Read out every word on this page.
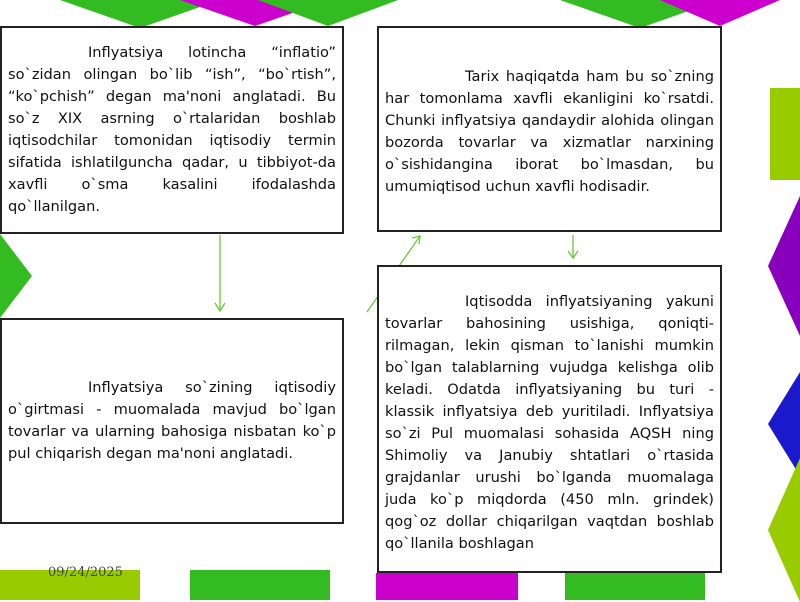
Inflyatsiya lotincha “inflatio” so`zidan olingan bo`lib “ish”, “bo`rtish”, “ko`pchish” degan ma'noni anglatadi. Bu so`z XIX asrning o`rtalaridan boshlab iqtisodchilar tomonidan iqtisodiy termin sifatida ishlatilguncha qadar, u tibbiyot-da xavfli o`sma kasalini ifodalashda qo`llanilgan.

Tarix haqiqatda ham bu so`zning har tomonlama xavfli ekanligini ko`rsatdi. Chunki inflyatsiya qandaydir alohida olingan bozorda tovarlar va xizmatlar narxining o`sishidangina iborat bo`lmasdan, bu umumiqtisod uchun xavfli hodisadir.

Inflyatsiya so`zining iqtisodiy o`girtmasi - muomalada mavjud bo`lgan tovarlar va ularning bahosiga nisbatan ko`p pul chiqarish degan ma'noni anglatadi.

Iqtisodda inflyatsiyaning yakuni tovarlar bahosining usishiga, qoniqti-rilmagan, lekin qisman to`lanishi mumkin bo`lgan talablarning vujudga kelishga olib keladi. Odatda inflyatsiyaning bu turi - klassik inflyatsiya deb yuritiladi. Inflyatsiya so`zi Pul muomalasi sohasida AQSH ning Shimoliy va Janubiy shtatlari o`rtasida grajdanlar urushi bo`lganda muomalaga juda ko`p miqdorda (450 mln. grindek) qog`oz dollar chiqarilgan vaqtdan boshlab qo`llanila boshlagan

09/24/2025
